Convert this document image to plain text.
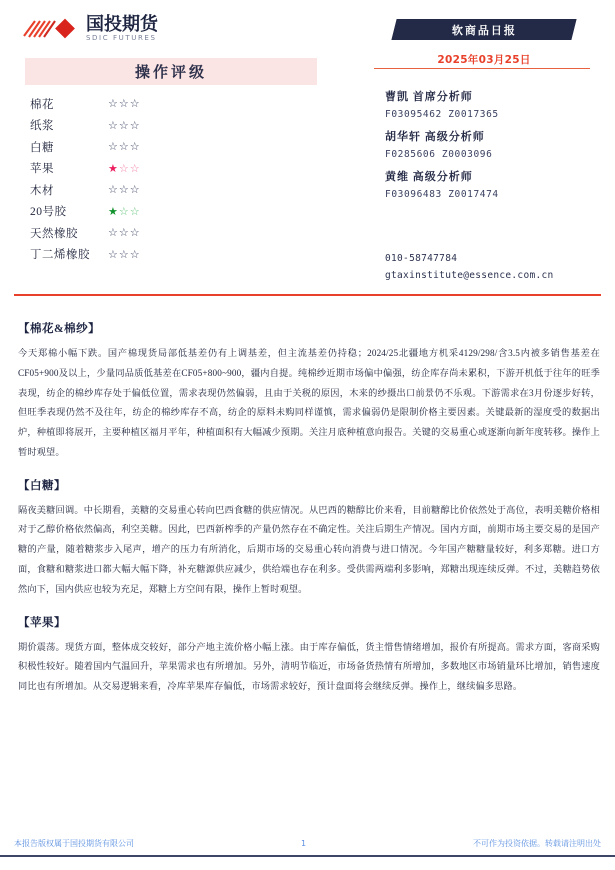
国投期货
SDIC FUTURES
操作评级
棉花	☆ ☆ ☆
纸浆	☆ ☆ ☆
白糖	☆ ☆ ☆
苹果	★ ☆ ☆
木材	☆ ☆ ☆
20号胶	★ ☆ ☆
天然橡胶	☆ ☆ ☆
丁二烯橡胶	☆ ☆ ☆
软商品日报
2025年03月25日
曹凯 首席分析师
F03095462 Z0017365
胡华轩 高级分析师
F0285606 Z0003096
黄维 高级分析师
F03096483 Z0017474
010-58747784
gtaxinstitute@essence.com.cn
【棉花&棉纱】

今天郑棉小幅下跌。国产棉现货局部低基差仍有上调基差，但主流基差仍持稳；2024/25北疆地方机采4129/298/含3.5内被多销售基差在CF05+900及以上，少量同品质低基差在CF05+800~900，疆内自提。纯棉纱近期市场偏中偏强，纺企库存尚未累积，下游开机低于往年的旺季表现，纺企的棉纱库存处于偏低位置，需求表现仍然偏弱，且由于关税的原因，木来的纱摄出口前景仍不乐观。下游需求在3月份逐步好转，但旺季表现仍然不及往年，纺企的棉纱库存不高，纺企的原料未购同样谨慎，需求偏弱仍是限制价格主要因素。关键最新的湿度受的数据出炉，种植即将展开，主要种植区福月平年，种植面积有大幅减少预期。关注月底种植意向报告。关键的交易重心或逐渐向新年度转移。操作上暂时观望。

【白糖】

隔夜美糖回调。中长期看，美糖的交易重心转向巴西食糖的供应情况。从巴西的糖醇比价来看，目前糖醇比价依然处于高位，表明美糖价格相对于乙醇价格依然偏高，利空美糖。因此，巴西新榨季的产量仍然存在不确定性。关注后期生产情况。国内方面，前期市场主要交易的是国产糖的产量，随着糖浆步入尾声，增产的压力有所消化，后期市场的交易重心转向消费与进口情况。今年国产糖糖量较好，利多郑糖。进口方面，食糖和糖浆进口都大幅大幅下降，补充糖源供应减少，供给端也存在利多。受供需两端利多影响，郑糖出现连续反弹。不过，美糖趋势依然向下，国内供应也较为充足，郑糖上方空间有限，操作上暂时观望。

【苹果】

期价震荡。现货方面，整体成交较好，部分产地主流价格小幅上涨。由于库存偏低，货主惜售情绪增加，报价有所提高。需求方面，客商采购积极性较好。随着国内气温回升，苹果需求也有所增加。另外，清明节临近，市场备货热情有所增加，多数地区市场销量环比增加，销售速度同比也有所增加。从交易逻辑来看，冷库苹果库存偏低，市场需求较好，预计盘面将会继续反弹。操作上，继续偏多思路。

本报告版权属于国投期货有限公司	1	不可作为投资依据。转载请注明出处
